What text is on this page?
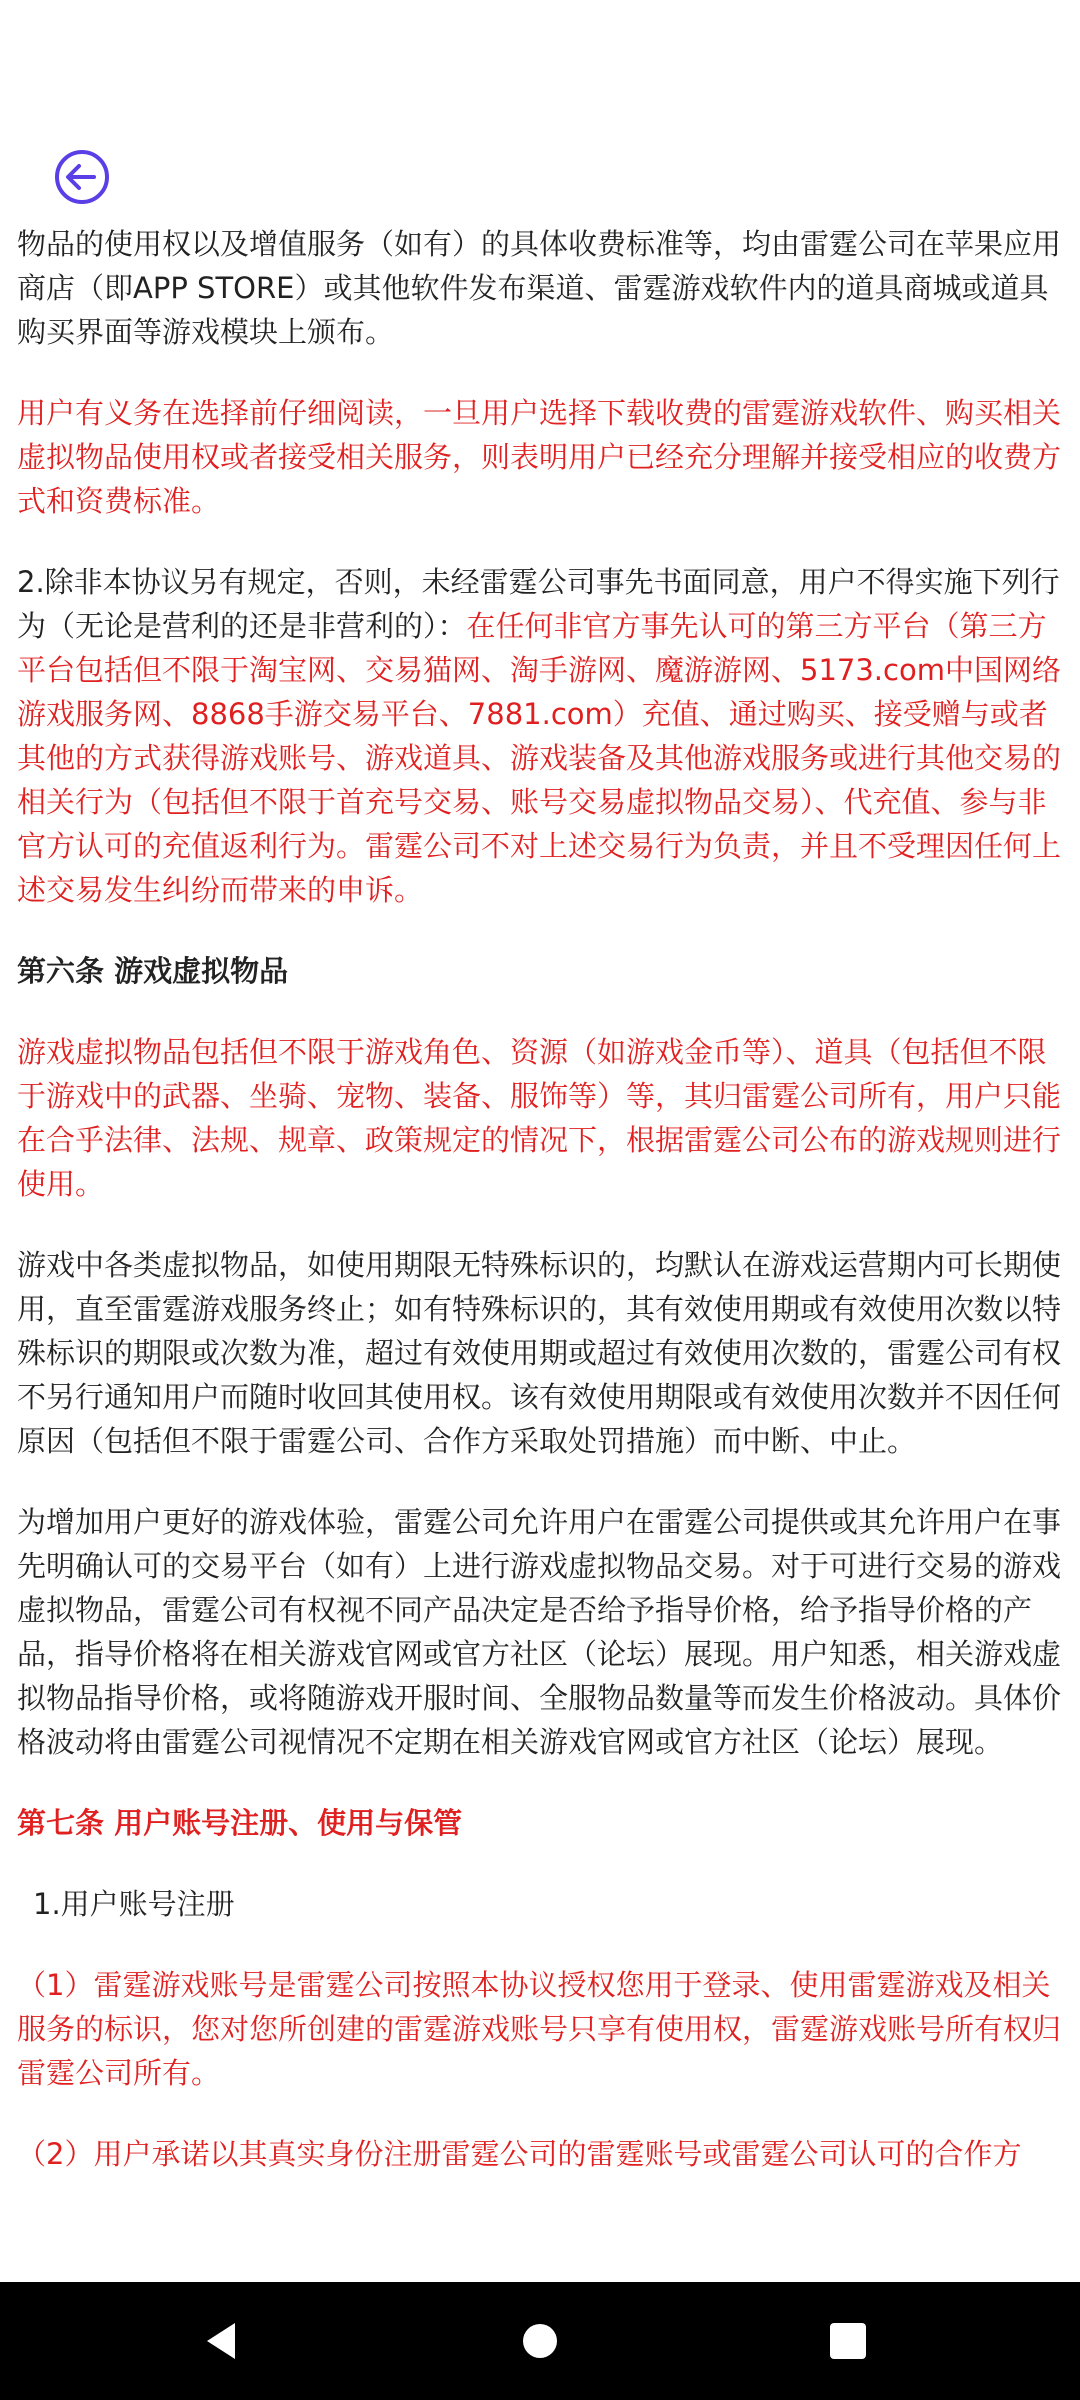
物品的使用权以及增值服务（如有）的具体收费标准等，均由雷霆公司在苹果应用商店（即APP STORE）或其他软件发布渠道、雷霆游戏软件内的道具商城或道具购买界面等游戏模块上颁布。

用户有义务在选择前仔细阅读，一旦用户选择下载收费的雷霆游戏软件、购买相关虚拟物品使用权或者接受相关服务，则表明用户已经充分理解并接受相应的收费方式和资费标准。

2.除非本协议另有规定，否则，未经雷霆公司事先书面同意，用户不得实施下列行为（无论是营利的还是非营利的）：在任何非官方事先认可的第三方平台（第三方平台包括但不限于淘宝网、交易猫网、淘手游网、魔游游网、5173.com中国网络游戏服务网、8868手游交易平台、7881.com）充值、通过购买、接受赠与或者其他的方式获得游戏账号、游戏道具、游戏装备及其他游戏服务或进行其他交易的相关行为（包括但不限于首充号交易、账号交易虚拟物品交易）、代充值、参与非官方认可的充值返利行为。雷霆公司不对上述交易行为负责，并且不受理因任何上述交易发生纠纷而带来的申诉。

第六条 游戏虚拟物品

游戏虚拟物品包括但不限于游戏角色、资源（如游戏金币等）、道具（包括但不限于游戏中的武器、坐骑、宠物、装备、服饰等）等，其归雷霆公司所有，用户只能在合乎法律、法规、规章、政策规定的情况下，根据雷霆公司公布的游戏规则进行使用。

游戏中各类虚拟物品，如使用期限无特殊标识的，均默认在游戏运营期内可长期使用，直至雷霆游戏服务终止；如有特殊标识的，其有效使用期或有效使用次数以特殊标识的期限或次数为准，超过有效使用期或超过有效使用次数的，雷霆公司有权不另行通知用户而随时收回其使用权。该有效使用期限或有效使用次数并不因任何原因（包括但不限于雷霆公司、合作方采取处罚措施）而中断、中止。

为增加用户更好的游戏体验，雷霆公司允许用户在雷霆公司提供或其允许用户在事先明确认可的交易平台（如有）上进行游戏虚拟物品交易。对于可进行交易的游戏虚拟物品，雷霆公司有权视不同产品决定是否给予指导价格，给予指导价格的产品，指导价格将在相关游戏官网或官方社区（论坛）展现。用户知悉，相关游戏虚拟物品指导价格，或将随游戏开服时间、全服物品数量等而发生价格波动。具体价格波动将由雷霆公司视情况不定期在相关游戏官网或官方社区（论坛）展现。

第七条 用户账号注册、使用与保管

1.用户账号注册

（1）雷霆游戏账号是雷霆公司按照本协议授权您用于登录、使用雷霆游戏及相关服务的标识，您对您所创建的雷霆游戏账号只享有使用权，雷霆游戏账号所有权归雷霆公司所有。

（2）用户承诺以其真实身份注册雷霆公司的雷霆账号或雷霆公司认可的合作方
